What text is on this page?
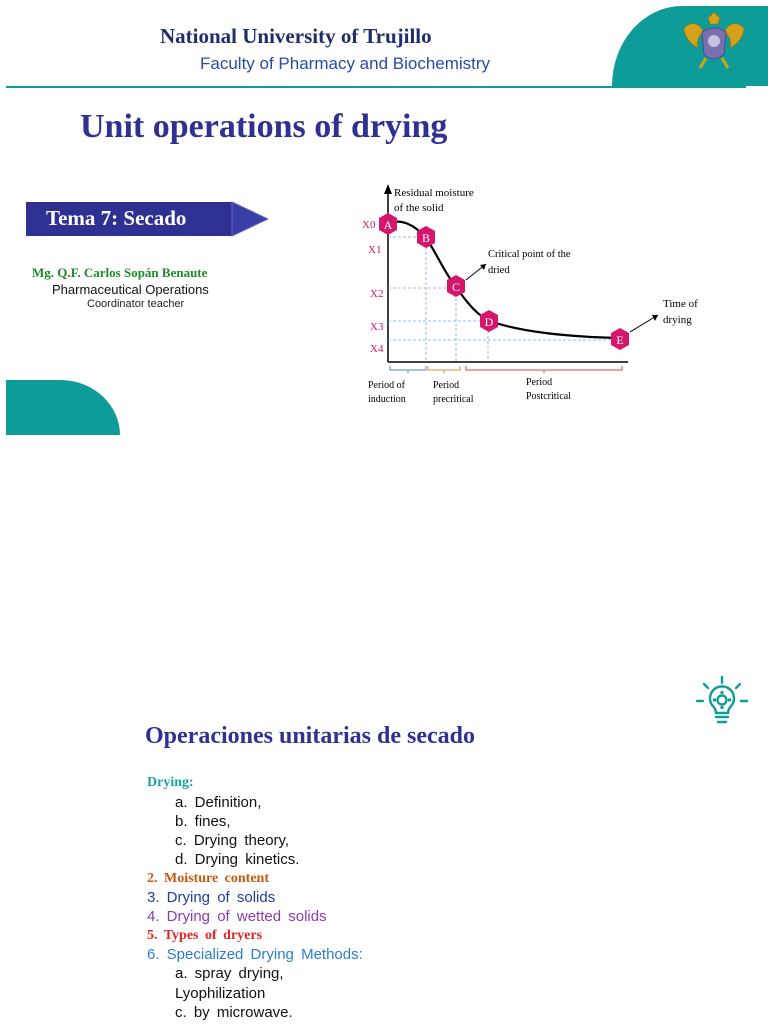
National University of Trujillo
Faculty of Pharmacy and Biochemistry
Unit operations of drying
Tema 7: Secado
Mg. Q.F. Carlos Sopán Benaute
Pharmaceutical Operations
Coordinator teacher
Residual moisture
of the solid
Time of
drying
Critical point of the
dried
X0
X1
X2
X3
X4
A
B
C
D
E
Period of
induction
Period
precritical
Period
Postcritical
Operaciones unitarias de secado
Drying:
a. Definition,
b. fines,
c. Drying theory,
d. Drying kinetics.
2. Moisture content
3. Drying of solids
4. Drying of wetted solids
5. Types of dryers
6. Specialized Drying Methods:
a. spray drying,
Lyophilization
c. by microwave.
